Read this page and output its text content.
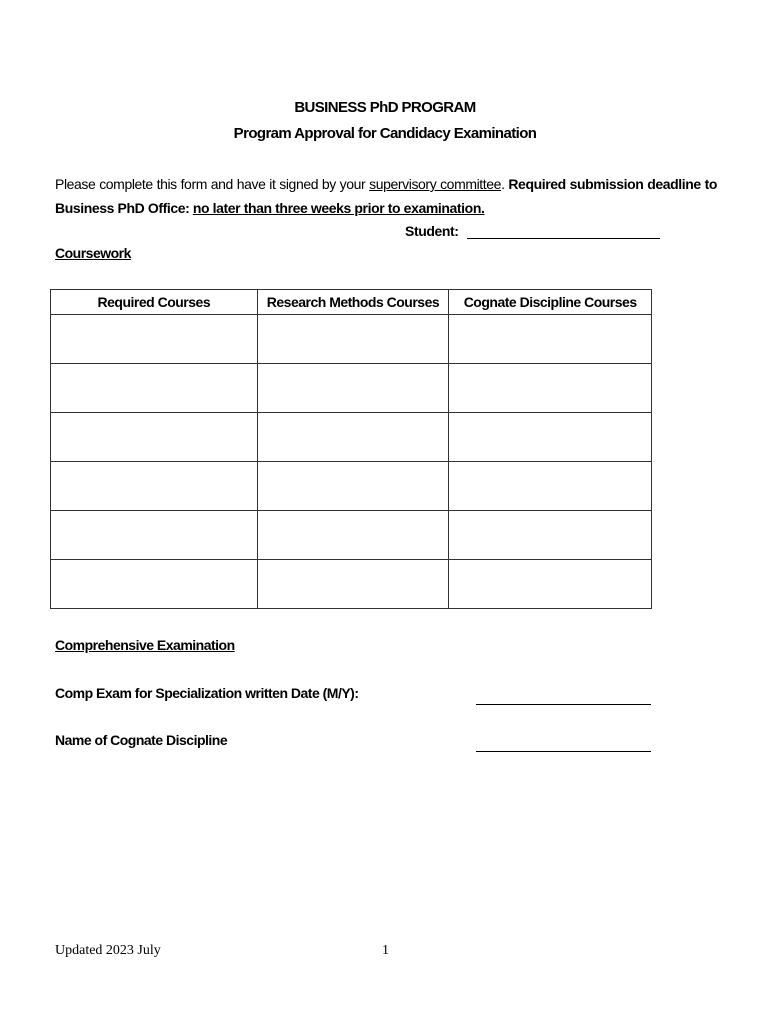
BUSINESS PhD PROGRAM
Program Approval for Candidacy Examination
Please complete this form and have it signed by your supervisory committee. Required submission deadline to Business PhD Office: no later than three weeks prior to examination.
Student:
Coursework
Required Courses	Research Methods Courses	Cognate Discipline Courses

Comprehensive Examination
Comp Exam for Specialization written Date (M/Y):
Name of Cognate Discipline
Updated 2023 July	1
